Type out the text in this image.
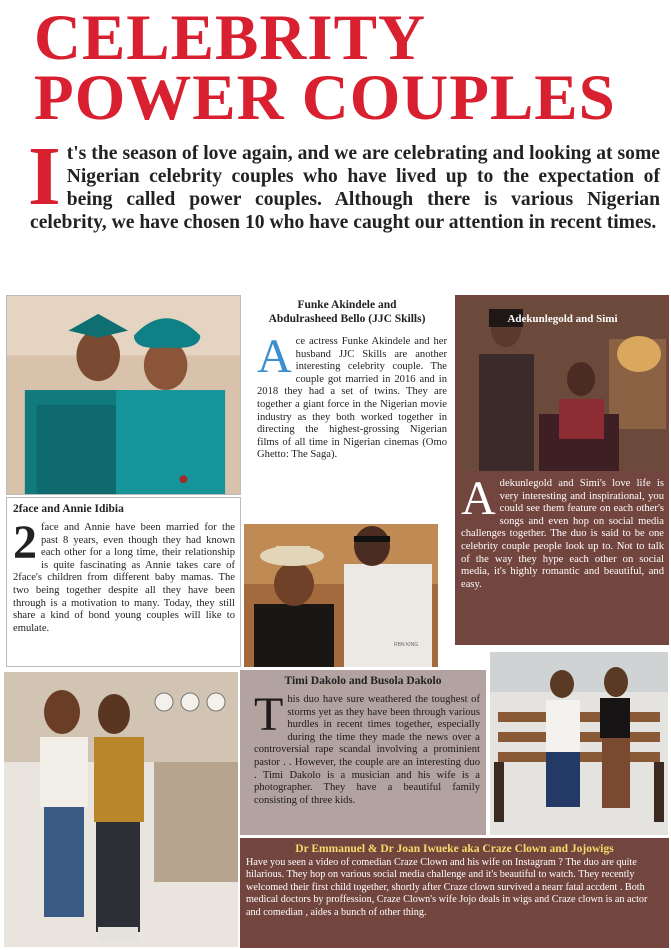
CELEBRITY
POWER COUPLES
I t's the season of love again, and we are celebrating and looking at some Nigerian celebrity couples who have lived up to the expectation of being called power couples. Although there is various Nigerian celebrity, we have chosen 10 who have caught our attention in recent times.
Funke Akindele and
Abdulrasheed Bello (JJC Skills)
A ce actress Funke Akindele and her husband JJC Skills are another interesting celebrity couple. The couple got married in 2016 and in 2018 they had a set of twins. They are together a giant force in the Nigerian movie industry as they both worked together in directing the highest-grossing Nigerian films of all time in Nigerian cinemas (Omo Ghetto: The Saga).
Adekunlegold and Simi
A dekunlegold and Simi's love life is very interesting and inspirational, you could see them feature on each other's songs and even hop on social media challenges together. The duo is said to be one celebrity couple people look up to. Not to talk of the way they hype each other on social media, it's highly romantic and beautiful, and easy.
2face and Annie Idibia
2 face and Annie have been married for the past 8 years, even though they had known each other for a long time, their relationship is quite fascinating as Annie takes care of 2face's children from different baby mamas. The two being together despite all they have been through is a motivation to many. Today, they still share a kind of bond young couples will like to emulate.
RBN KING
Timi Dakolo and Busola Dakolo
T his duo have sure weathered the toughest of storms yet as they have been through various hurdles in recent times together, especially during the time they made the news over a controversial rape scandal involving a prominient pastor . . However, the couple are an interesting duo . Timi Dakolo is a musician and his wife is a photographer. They have a beautiful family consisting of three kids.
Dr Emmanuel & Dr Joan Iwueke aka Craze Clown and Jojowigs
Have you seen a video of comedian Craze Clown and his wife on Instagram ? The duo are quite hilarious. They hop on various social media challenge and it's beautiful to watch. They recently welcomed their first child together, shortly after Craze clown survived a nearr fatal accdent . Both medical doctors by proffession, Craze Clown's wife Jojo deals in wigs and Craze clown is an actor and comedian , aides a bunch of other thing.
